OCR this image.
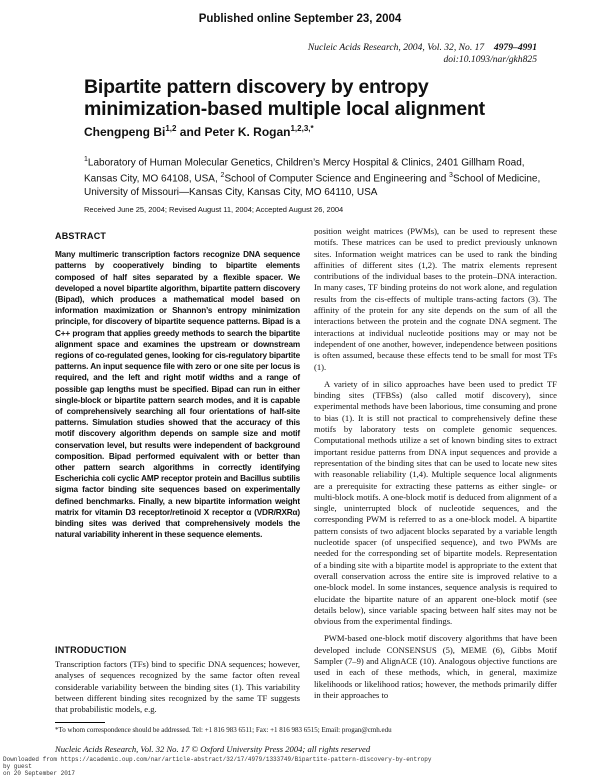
Published online September 23, 2004
Nucleic Acids Research, 2004, Vol. 32, No. 17 4979–4991
doi:10.1093/nar/gkh825
Bipartite pattern discovery by entropy minimization-based multiple local alignment
Chengpeng Bi$^{1,2}$ and Peter K. Rogan$^{1,2,3,*}$
$^1$Laboratory of Human Molecular Genetics, Children’s Mercy Hospital & Clinics, 2401 Gillham Road, Kansas City, MO 64108, USA, $^2$School of Computer Science and Engineering and $^3$School of Medicine, University of Missouri—Kansas City, Kansas City, MO 64110, USA
Received June 25, 2004; Revised August 11, 2004; Accepted August 26, 2004
ABSTRACT

Many multimeric transcription factors recognize DNA sequence patterns by cooperatively binding to bipartite elements composed of half sites separated by a flexible spacer. We developed a novel bipartite algorithm, bipartite pattern discovery (Bipad), which produces a mathematical model based on information maximization or Shannon’s entropy minimization principle, for discovery of bipartite sequence patterns. Bipad is a C++ program that applies greedy methods to search the bipartite alignment space and examines the upstream or downstream regions of co-regulated genes, looking for cis-regulatory bipartite patterns. An input sequence file with zero or one site per locus is required, and the left and right motif widths and a range of possible gap lengths must be specified. Bipad can run in either single-block or bipartite pattern search modes, and it is capable of comprehensively searching all four orientations of half-site patterns. Simulation studies showed that the accuracy of this motif discovery algorithm depends on sample size and motif conservation level, but results were independent of background composition. Bipad performed equivalent with or better than other pattern search algorithms in correctly identifying Escherichia coli cyclic AMP receptor protein and Bacillus subtilis sigma factor binding site sequences based on experimentally defined benchmarks. Finally, a new bipartite information weight matrix for vitamin D3 receptor/retinoid X receptor α (VDR/RXRα) binding sites was derived that comprehensively models the natural variability inherent in these sequence elements.

INTRODUCTION

Transcription factors (TFs) bind to specific DNA sequences; however, analyses of sequences recognized by the same factor often reveal considerable variability between the binding sites (1). This variability between different binding sites recognized by the same TF suggests that probabilistic models, e.g.

position weight matrices (PWMs), can be used to represent these motifs. These matrices can be used to predict previously unknown sites. Information weight matrices can be used to rank the binding affinities of different sites (1,2). The matrix elements represent contributions of the individual bases to the protein–DNA interaction. In many cases, TF binding proteins do not work alone, and regulation results from the cis-effects of multiple trans-acting factors (3). The affinity of the protein for any site depends on the sum of all the interactions between the protein and the cognate DNA segment. The interactions at individual nucleotide positions may or may not be independent of one another, however, independence between positions is often assumed, because these effects tend to be small for most TFs (1).

A variety of in silico approaches have been used to predict TF binding sites (TFBSs) (also called motif discovery), since experimental methods have been laborious, time consuming and prone to bias (1). It is still not practical to comprehensively define these motifs by laboratory tests on complete genomic sequences. Computational methods utilize a set of known binding sites to extract important residue patterns from DNA input sequences and provide a representation of the binding sites that can be used to locate new sites with reasonable reliability (1,4). Multiple sequence local alignments are a prerequisite for extracting these patterns as either single- or multi-block motifs. A one-block motif is deduced from alignment of a single, uninterrupted block of nucleotide sequences, and the corresponding PWM is referred to as a one-block model. A bipartite pattern consists of two adjacent blocks separated by a variable length nucleotide spacer (of unspecified sequence), and two PWMs are needed for the corresponding set of bipartite models. Representation of a binding site with a bipartite model is appropriate to the extent that overall conservation across the entire site is improved relative to a one-block model. In some instances, sequence analysis is required to elucidate the bipartite nature of an apparent one-block motif (see details below), since variable spacing between half sites may not be obvious from the experimental findings.

PWM-based one-block motif discovery algorithms that have been developed include CONSENSUS (5), MEME (6), Gibbs Motif Sampler (7–9) and AlignACE (10). Analogous objective functions are used in each of these methods, which, in general, maximize likelihoods or likelihood ratios; however, the methods primarily differ in their approaches to

*To whom correspondence should be addressed. Tel: +1 816 983 6511; Fax: +1 816 983 6515; Email: progan@cmh.edu
Nucleic Acids Research, Vol. 32 No. 17 © Oxford University Press 2004; all rights reserved
Downloaded from https://academic.oup.com/nar/article-abstract/32/17/4979/1333749/Bipartite-pattern-discovery-by-entropy
by guest
on 20 September 2017
